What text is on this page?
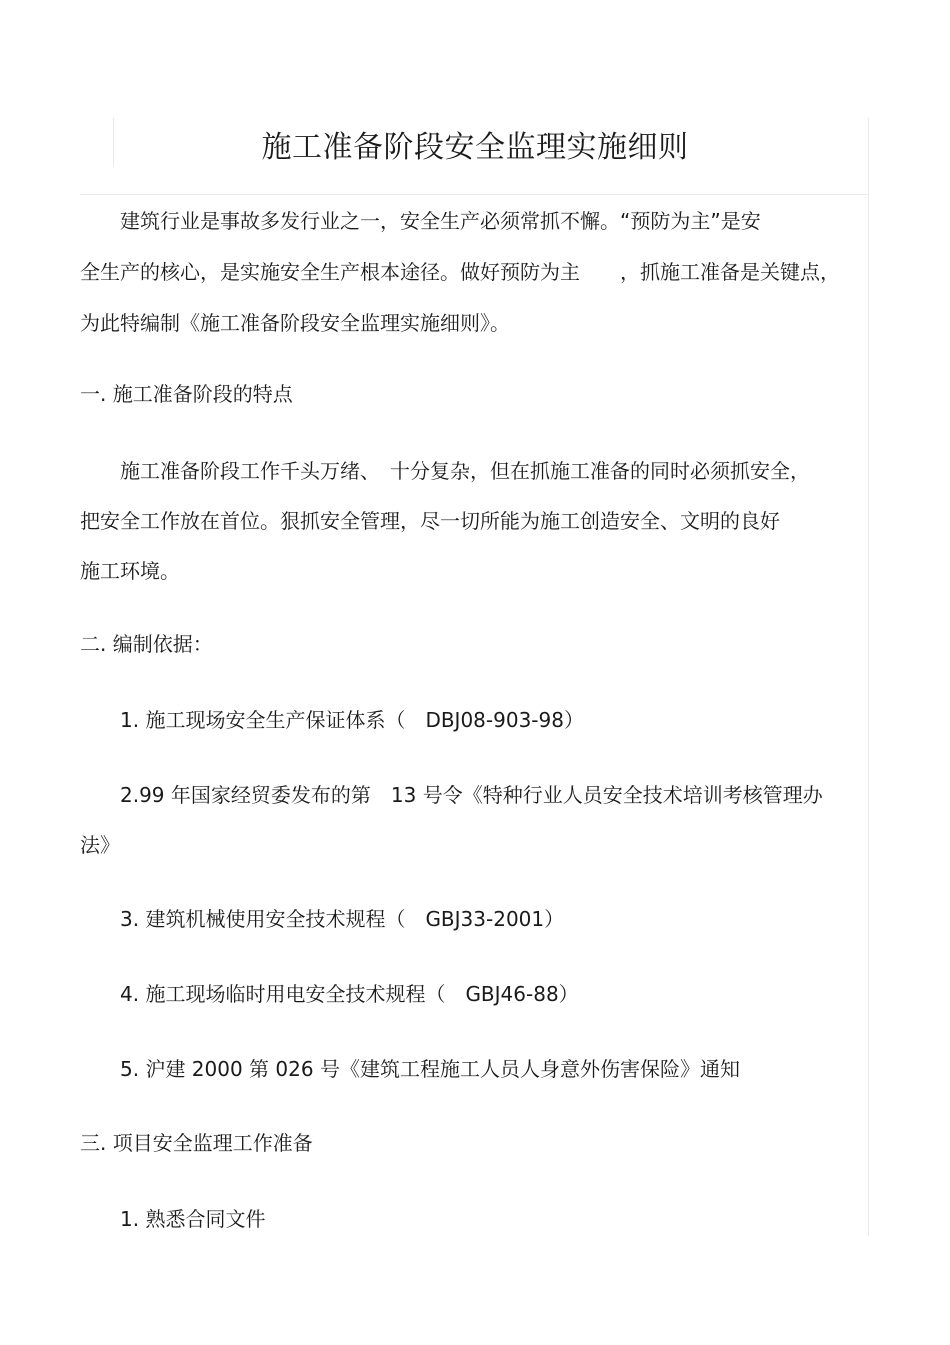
施工准备阶段安全监理实施细则
建筑行业是事故多发行业之一，安全生产必须常抓不懈。“预防为主”是安
全生产的核心，是实施安全生产根本途径。做好预防为主　　，抓施工准备是关键点，
为此特编制《施工准备阶段安全监理实施细则》。
一. 施工准备阶段的特点
施工准备阶段工作千头万绪、　十分复杂，但在抓施工准备的同时必须抓安全，
把安全工作放在首位。狠抓安全管理，尽一切所能为施工创造安全、文明的良好
施工环境。
二. 编制依据：
1. 施工现场安全生产保证体系（　DBJ08-903-98）
2.99 年国家经贸委发布的第　13 号令《特种行业人员安全技术培训考核管理办
法》
3. 建筑机械使用安全技术规程（　GBJ33-2001）
4. 施工现场临时用电安全技术规程（　GBJ46-88）
5. 沪建 2000 第 026 号《建筑工程施工人员人身意外伤害保险》通知
三. 项目安全监理工作准备
1. 熟悉合同文件
